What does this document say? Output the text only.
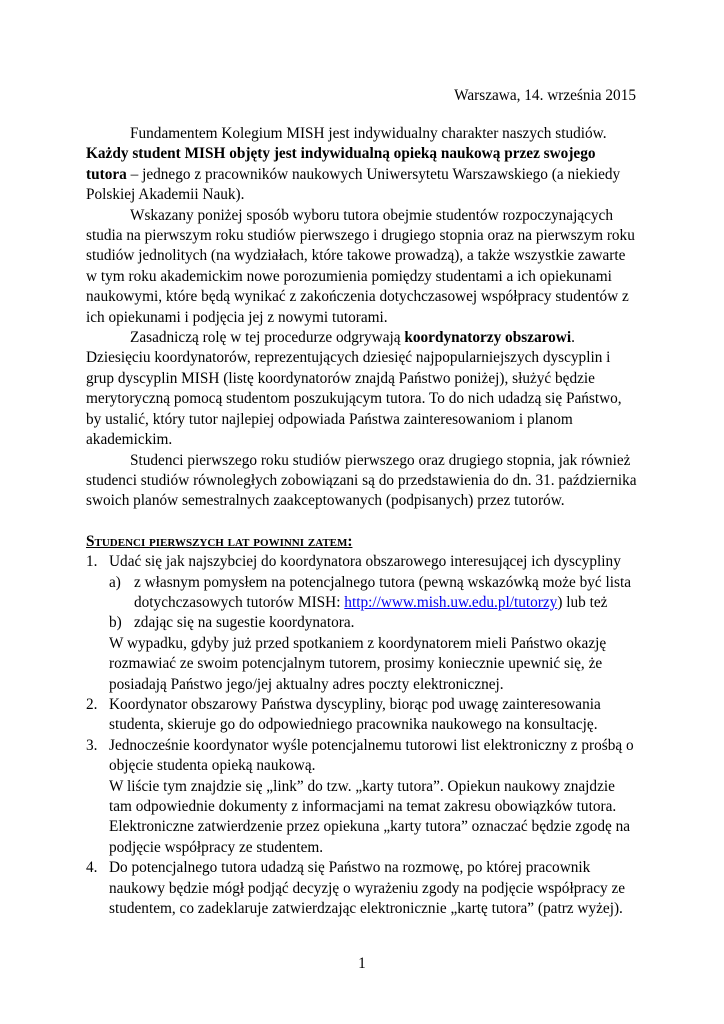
Warszawa, 14. września 2015

Fundamentem Kolegium MISH jest indywidualny charakter naszych studiów. Każdy student MISH objęty jest indywidualną opieką naukową przez swojego tutora – jednego z pracowników naukowych Uniwersytetu Warszawskiego (a niekiedy Polskiej Akademii Nauk).

Wskazany poniżej sposób wyboru tutora obejmie studentów rozpoczynających studia na pierwszym roku studiów pierwszego i drugiego stopnia oraz na pierwszym roku studiów jednolitych (na wydziałach, które takowe prowadzą), a także wszystkie zawarte w tym roku akademickim nowe porozumienia pomiędzy studentami a ich opiekunami naukowymi, które będą wynikać z zakończenia dotychczasowej współpracy studentów z ich opiekunami i podjęcia jej z nowymi tutorami.

Zasadniczą rolę w tej procedurze odgrywają koordynatorzy obszarowi. Dziesięciu koordynatorów, reprezentujących dziesięć najpopularniejszych dyscyplin i grup dyscyplin MISH (listę koordynatorów znajdą Państwo poniżej), służyć będzie merytoryczną pomocą studentom poszukującym tutora. To do nich udadzą się Państwo, by ustalić, który tutor najlepiej odpowiada Państwa zainteresowaniom i planom akademickim.

Studenci pierwszego roku studiów pierwszego oraz drugiego stopnia, jak również studenci studiów równoległych zobowiązani są do przedstawienia do dn. 31. października swoich planów semestralnych zaakceptowanych (podpisanych) przez tutorów.

Studenci pierwszych lat powinni zatem:
1. Udać się jak najszybciej do koordynatora obszarowego interesującej ich dyscypliny
a) z własnym pomysłem na potencjalnego tutora (pewną wskazówką może być lista dotychczasowych tutorów MISH: http://www.mish.uw.edu.pl/tutorzy) lub też
b) zdając się na sugestie koordynatora.
W wypadku, gdyby już przed spotkaniem z koordynatorem mieli Państwo okazję rozmawiać ze swoim potencjalnym tutorem, prosimy koniecznie upewnić się, że posiadają Państwo jego/jej aktualny adres poczty elektronicznej.
2. Koordynator obszarowy Państwa dyscypliny, biorąc pod uwagę zainteresowania studenta, skieruje go do odpowiedniego pracownika naukowego na konsultację.
3. Jednocześnie koordynator wyśle potencjalnemu tutorowi list elektroniczny z prośbą o objęcie studenta opieką naukową.
W liście tym znajdzie się „link” do tzw. „karty tutora”. Opiekun naukowy znajdzie tam odpowiednie dokumenty z informacjami na temat zakresu obowiązków tutora. Elektroniczne zatwierdzenie przez opiekuna „karty tutora” oznaczać będzie zgodę na podjęcie współpracy ze studentem.
4. Do potencjalnego tutora udadzą się Państwo na rozmowę, po której pracownik naukowy będzie mógł podjąć decyzję o wyrażeniu zgody na podjęcie współpracy ze studentem, co zadeklaruje zatwierdzając elektronicznie „kartę tutora” (patrz wyżej).
1
